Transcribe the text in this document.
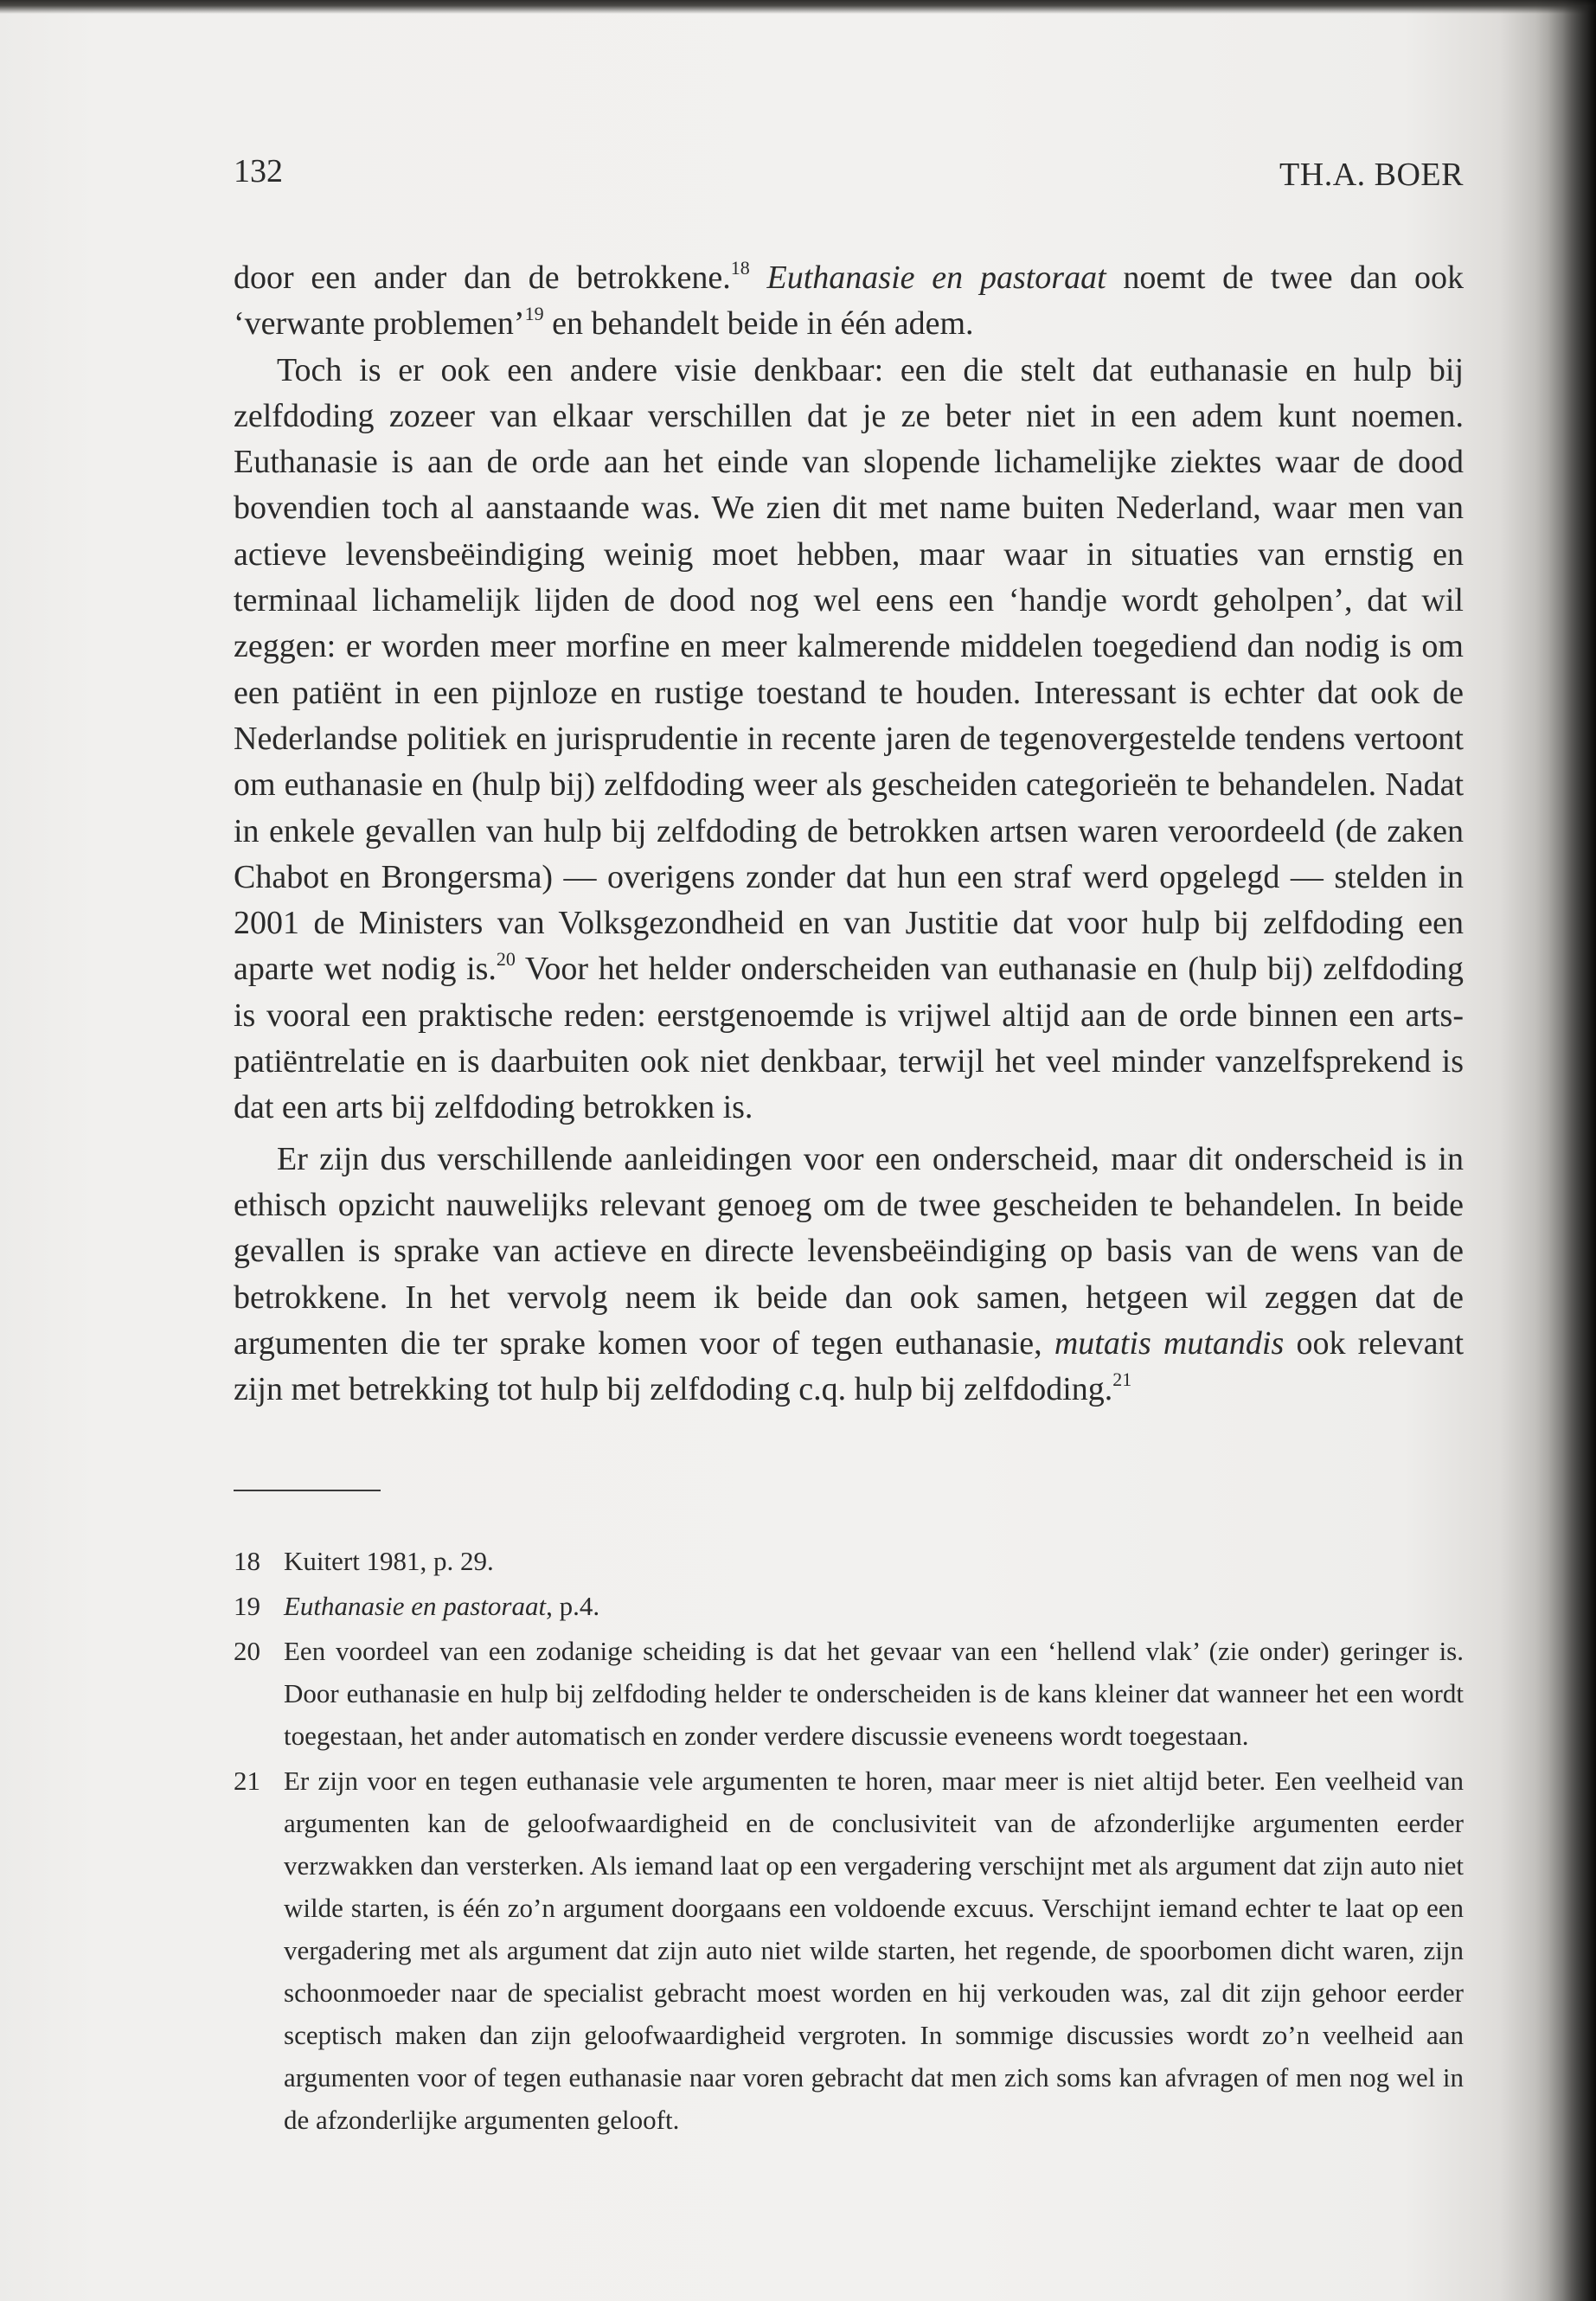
132	TH.A. BOER

door een ander dan de betrokkene.$^{18}$ Euthanasie en pastoraat noemt de twee dan ook ‘verwante problemen’$^{19}$ en behandelt beide in één adem.

Toch is er ook een andere visie denkbaar: een die stelt dat euthanasie en hulp bij zelfdoding zozeer van elkaar verschillen dat je ze beter niet in een adem kunt noemen. Euthanasie is aan de orde aan het einde van slopende lichamelijke ziektes waar de dood bovendien toch al aanstaande was. We zien dit met name buiten Nederland, waar men van actieve levensbeëindiging weinig moet hebben, maar waar in situaties van ernstig en terminaal lichamelijk lijden de dood nog wel eens een ‘handje wordt geholpen’, dat wil zeggen: er worden meer morfine en meer kalmerende middelen toegediend dan nodig is om een patiënt in een pijnloze en rustige toestand te houden. Interessant is echter dat ook de Nederlandse politiek en jurisprudentie in recente jaren de tegenovergestelde tendens vertoont om euthanasie en (hulp bij) zelfdoding weer als gescheiden categorieën te behandelen. Nadat in enkele gevallen van hulp bij zelfdoding de betrokken artsen waren veroordeeld (de zaken Chabot en Brongersma) — overigens zonder dat hun een straf werd opgelegd — stelden in 2001 de Ministers van Volksgezondheid en van Justitie dat voor hulp bij zelfdoding een aparte wet nodig is.$^{20}$ Voor het helder onderscheiden van euthanasie en (hulp bij) zelfdoding is vooral een praktische reden: eerstgenoemde is vrijwel altijd aan de orde binnen een arts-patiëntrelatie en is daarbuiten ook niet denkbaar, terwijl het veel minder vanzelfsprekend is dat een arts bij zelfdoding betrokken is.

Er zijn dus verschillende aanleidingen voor een onderscheid, maar dit onderscheid is in ethisch opzicht nauwelijks relevant genoeg om de twee gescheiden te behandelen. In beide gevallen is sprake van actieve en directe levensbeëindiging op basis van de wens van de betrokkene. In het vervolg neem ik beide dan ook samen, hetgeen wil zeggen dat de argumenten die ter sprake komen voor of tegen euthanasie, mutatis mutandis ook relevant zijn met betrekking tot hulp bij zelfdoding c.q. hulp bij zelfdoding.$^{21}$

18 Kuitert 1981, p. 29.
19 Euthanasie en pastoraat, p.4.
20 Een voordeel van een zodanige scheiding is dat het gevaar van een ‘hellend vlak’ (zie onder) geringer is. Door euthanasie en hulp bij zelfdoding helder te onderscheiden is de kans kleiner dat wanneer het een wordt toegestaan, het ander automatisch en zonder verdere discussie eveneens wordt toegestaan.
21 Er zijn voor en tegen euthanasie vele argumenten te horen, maar meer is niet altijd beter. Een veelheid van argumenten kan de geloofwaardigheid en de conclusiviteit van de afzonderlijke argumenten eerder verzwakken dan versterken. Als iemand laat op een vergadering verschijnt met als argument dat zijn auto niet wilde starten, is één zo’n argument doorgaans een voldoende excuus. Verschijnt iemand echter te laat op een vergadering met als argument dat zijn auto niet wilde starten, het regende, de spoorbomen dicht waren, zijn schoonmoeder naar de specialist gebracht moest worden en hij verkouden was, zal dit zijn gehoor eerder sceptisch maken dan zijn geloofwaardigheid vergroten. In sommige discussies wordt zo’n veelheid aan argumenten voor of tegen euthanasie naar voren gebracht dat men zich soms kan afvragen of men nog wel in de afzonderlijke argumenten gelooft.
